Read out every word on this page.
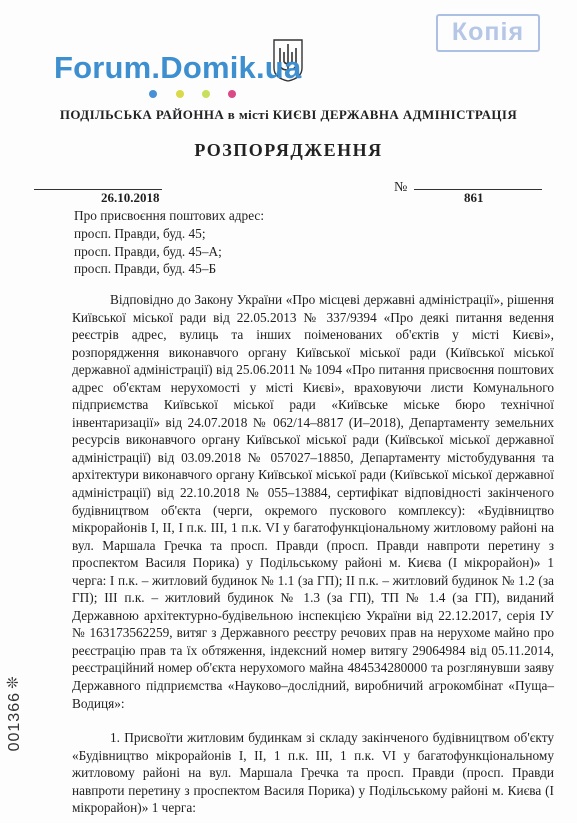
Копія
Forum.Domik.ua
ПОДІЛЬСЬКА РАЙОННА в місті КИЄВІ ДЕРЖАВНА АДМІНІСТРАЦІЯ
РОЗПОРЯДЖЕННЯ
26.10.2018
№
861
Про присвоєння поштових адрес:
просп. Правди, буд. 45;
просп. Правди, буд. 45–А;
просп. Правди, буд. 45–Б

Відповідно до Закону України «Про місцеві державні адміністрації», рішення Київської міської ради від 22.05.2013 № 337/9394 «Про деякі питання ведення реєстрів адрес, вулиць та інших поіменованих об'єктів у місті Києві», розпорядження виконавчого органу Київської міської ради (Київської міської державної адміністрації) від 25.06.2011 № 1094 «Про питання присвоєння поштових адрес об'єктам нерухомості у місті Києві», враховуючи листи Комунального підприємства Київської міської ради «Київське міське бюро технічної інвентаризації» від 24.07.2018 № 062/14–8817 (И–2018), Департаменту земельних ресурсів виконавчого органу Київської міської ради (Київської міської державної адміністрації) від 03.09.2018 № 057027–18850, Департаменту містобудування та архітектури виконавчого органу Київської міської ради (Київської міської державної адміністрації) від 22.10.2018 № 055–13884, сертифікат відповідності закінченого будівництвом об'єкта (черги, окремого пускового комплексу): «Будівництво мікрорайонів І, ІІ, І п.к. ІІІ, 1 п.к. VI у багатофункціональному житловому районі на вул. Маршала Гречка та просп. Правди (просп. Правди навпроти перетину з проспектом Василя Порика) у Подільському районі м. Києва (І мікрорайон)» 1 черга: І п.к. – житловий будинок № 1.1 (за ГП); ІІ п.к. – житловий будинок № 1.2 (за ГП); ІІІ п.к. – житловий будинок № 1.3 (за ГП), ТП № 1.4 (за ГП), виданий Державною архітектурно-будівельною інспекцією України від 22.12.2017, серія ІУ № 163173562259, витяг з Державного реєстру речових прав на нерухоме майно про реєстрацію прав та їх обтяження, індексний номер витягу 29064984 від 05.11.2014, реєстраційний номер об'єкта нерухомого майна 484534280000 та розглянувши заяву Державного підприємства «Науково–дослідний, виробничий агрокомбінат «Пуща–Водиця»:

1. Присвоїти житловим будинкам зі складу закінченого будівництвом об'єкту «Будівництво мікрорайонів І, ІІ, 1 п.к. ІІІ, 1 п.к. VI у багатофункціональному житловому районі на вул. Маршала Гречка та просп. Правди (просп. Правди навпроти перетину з проспектом Василя Порика) у Подільському районі м. Києва (І мікрорайон)» 1 черга:

❊
001366
